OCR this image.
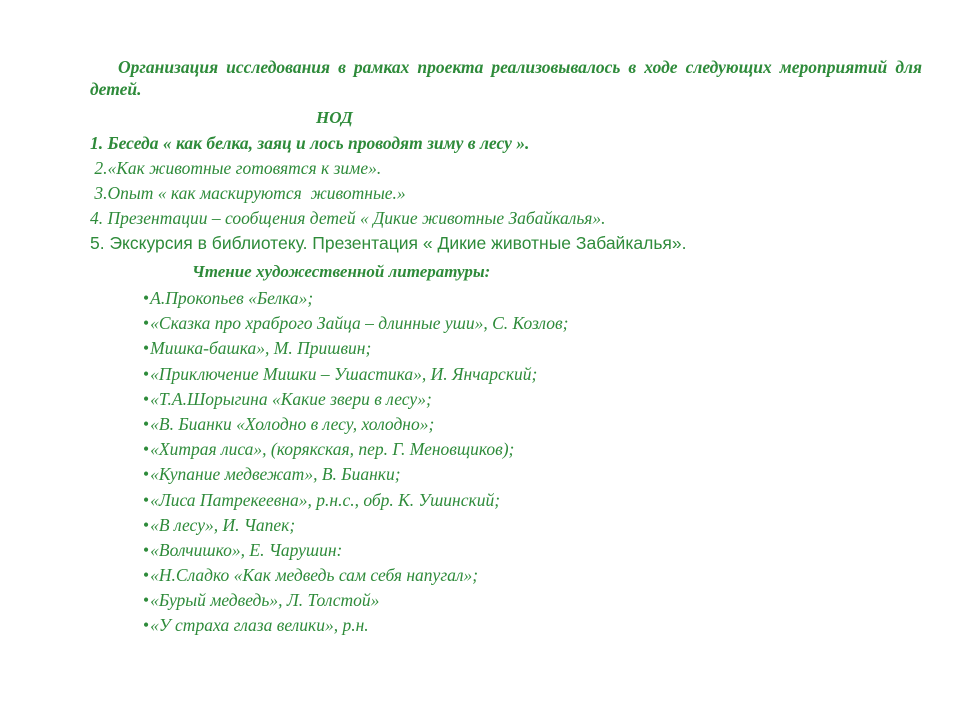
Организация исследования в рамках проекта реализовывалось в ходе следующих мероприятий для детей.
НОД
1. Беседа « как белка, заяц и лось проводят зиму в лесу ».
2.«Как животные готовятся к зиме».
3.Опыт « как маскируются  животные.»
4. Презентации – сообщения детей « Дикие животные Забайкалья».
5. Экскурсия в библиотеку. Презентация « Дикие животные Забайкалья».
Чтение художественной литературы:
•А.Прокопьев «Белка»;
•«Сказка про храброго Зайца – длинные уши», С. Козлов;
•Мишка-башка», М. Пришвин;
•«Приключение Мишки – Ушастика», И. Янчарский;
•«Т.А.Шорыгина «Какие звери в лесу»;
•«В. Бианки «Холодно в лесу, холодно»;
•«Хитрая лиса», (корякская, пер. Г. Меновщиков);
•«Купание медвежат», В. Бианки;
•«Лиса Патрекеевна», р.н.с., обр. К. Ушинский;
•«В лесу», И. Чапек;
•«Волчишко», Е. Чарушин:
•«Н.Сладко «Как медведь сам себя напугал»;
•«Бурый медведь», Л. Толстой»
•«У страха глаза велики», р.н.
